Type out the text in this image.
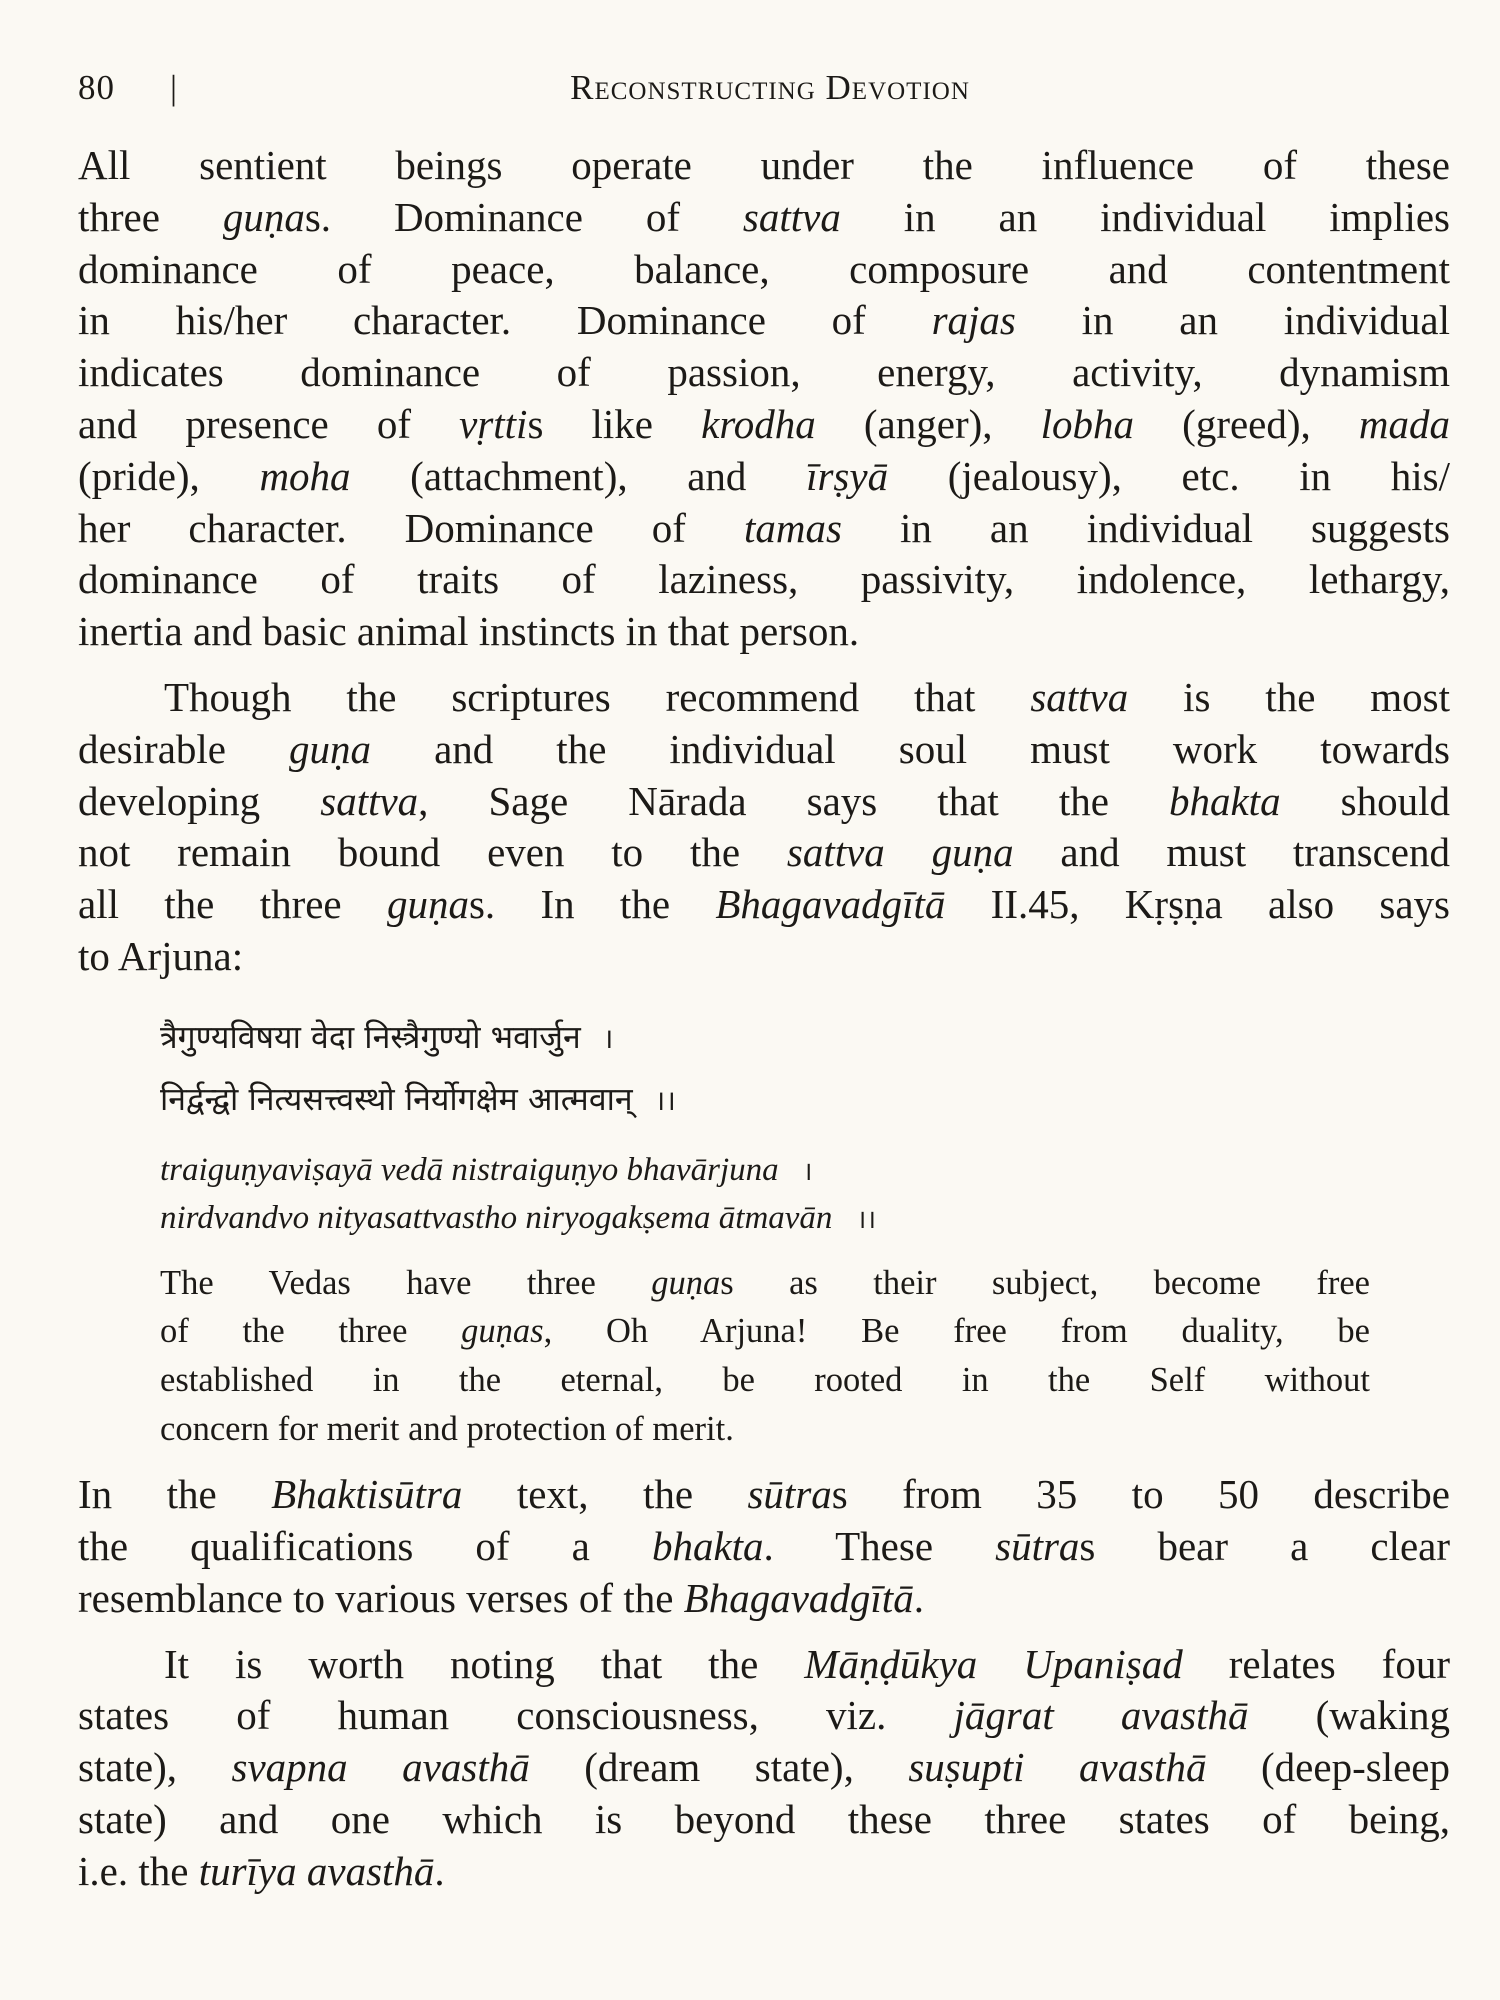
80 |	Reconstructing Devotion
All sentient beings operate under the influence of these
three guṇas. Dominance of sattva in an individual implies
dominance of peace, balance, composure and contentment
in his/her character. Dominance of rajas in an individual
indicates dominance of passion, energy, activity, dynamism
and presence of vṛttis like krodha (anger), lobha (greed), mada
(pride), moha (attachment), and īrṣyā (jealousy), etc. in his/
her character. Dominance of tamas in an individual suggests
dominance of traits of laziness, passivity, indolence, lethargy,
inertia and basic animal instincts in that person.
Though the scriptures recommend that sattva is the most
desirable guṇa and the individual soul must work towards
developing sattva, Sage Nārada says that the bhakta should
not remain bound even to the sattva guṇa and must transcend
all the three guṇas. In the Bhagavadgītā II.45, Kṛṣṇa also says
to Arjuna:
त्रैगुण्यविषया वेदा निस्त्रैगुण्यो भवार्जुन ।
निर्द्वन्द्वो नित्यसत्त्वस्थो निर्योगक्षेम आत्मवान् ।।
traiguṇyaviṣayā vedā nistraiguṇyo bhavārjuna ।
nirdvandvo nityasattvastho niryogakṣema ātmavān ।।
The Vedas have three guṇas as their subject, become free
of the three guṇas, Oh Arjuna! Be free from duality, be
established in the eternal, be rooted in the Self without
concern for merit and protection of merit.
In the Bhaktisūtra text, the sūtras from 35 to 50 describe
the qualifications of a bhakta. These sūtras bear a clear
resemblance to various verses of the Bhagavadgītā.
It is worth noting that the Māṇḍūkya Upaniṣad relates four
states of human consciousness, viz. jāgrat avasthā (waking
state), svapna avasthā (dream state), suṣupti avasthā (deep-sleep
state) and one which is beyond these three states of being,
i.e. the turīya avasthā.
